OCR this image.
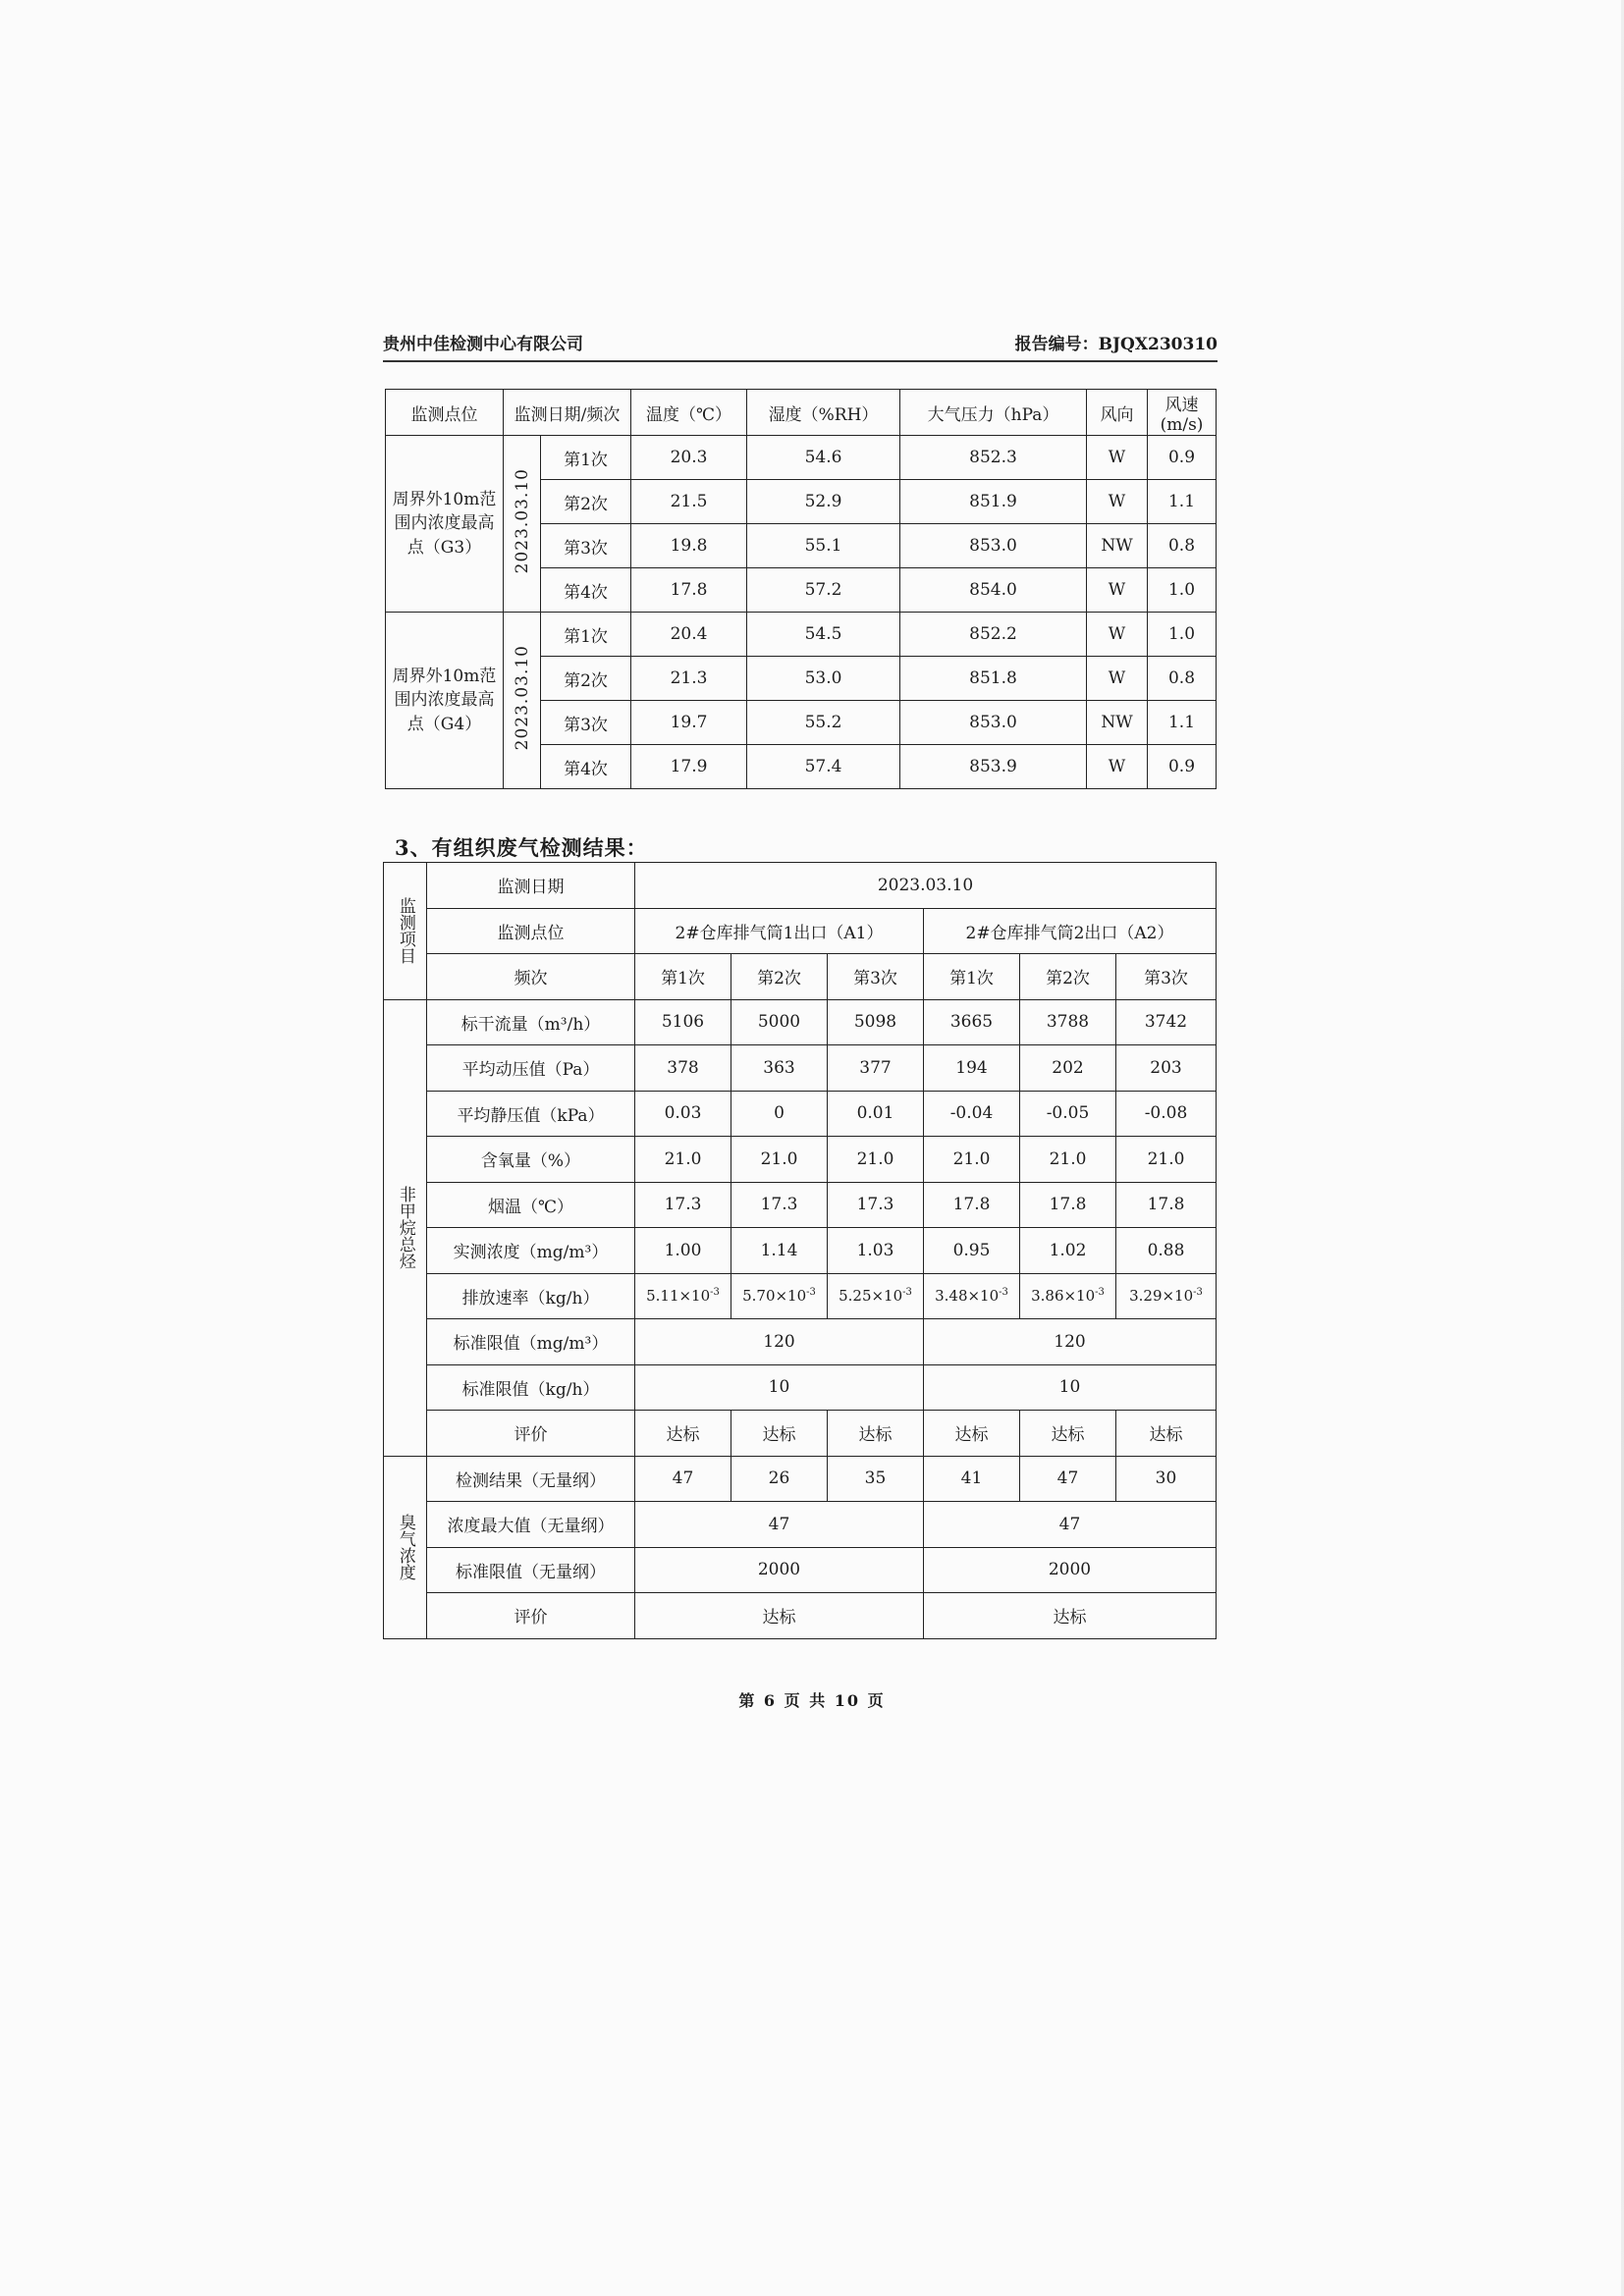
贵州中佳检测中心有限公司	报告编号：BJQX230310
监测点位	监测日期/频次		温度（℃）	湿度（%RH）	大气压力（hPa）	风向	风速(m/s)
周界外10m范围内浓度最高点（G3）	2023.03.10	第1次	20.3	54.6	852.3	W	0.9
		第2次	21.5	52.9	851.9	W	1.1
		第3次	19.8	55.1	853.0	NW	0.8
		第4次	17.8	57.2	854.0	W	1.0
周界外10m范围内浓度最高点（G4）	2023.03.10	第1次	20.4	54.5	852.2	W	1.0
		第2次	21.3	53.0	851.8	W	0.8
		第3次	19.7	55.2	853.0	NW	1.1
		第4次	17.9	57.4	853.9	W	0.9
3、有组织废气检测结果：
监测项目	监测日期	2023.03.10					
	监测点位	2#仓库排气筒1出口（A1）			2#仓库排气筒2出口（A2）		
	频次	第1次	第2次	第3次	第1次	第2次	第3次

非甲烷总烃	标干流量（m³/h）	5106	5000	5098	3665	3788	3742
	平均动压值（Pa）	378	363	377	194	202	203
	平均静压值（kPa）	0.03	0	0.01	-0.04	-0.05	-0.08
	含氧量（%）	21.0	21.0	21.0	21.0	21.0	21.0
	烟温（℃）	17.3	17.3	17.3	17.8	17.8	17.8
	实测浓度（mg/m³）	1.00	1.14	1.03	0.95	1.02	0.88
	排放速率（kg/h）	$5.11\times 10^{-3}$	$5.70\times 10^{-3}$	$5.25\times 10^{-3}$	$3.48\times 10^{-3}$	$3.86\times 10^{-3}$	$3.29\times 10^{-3}$
	标准限值（mg/m³）	120			120		
	标准限值（kg/h）	10			10		
	评价	达标	达标	达标	达标	达标	达标

臭气浓度	检测结果（无量纲）	47	26	35	41	47	30
	浓度最大值（无量纲）	47			47		
	标准限值（无量纲）	2000			2000		
	评价	达标			达标		
第 6 页 共 10 页
